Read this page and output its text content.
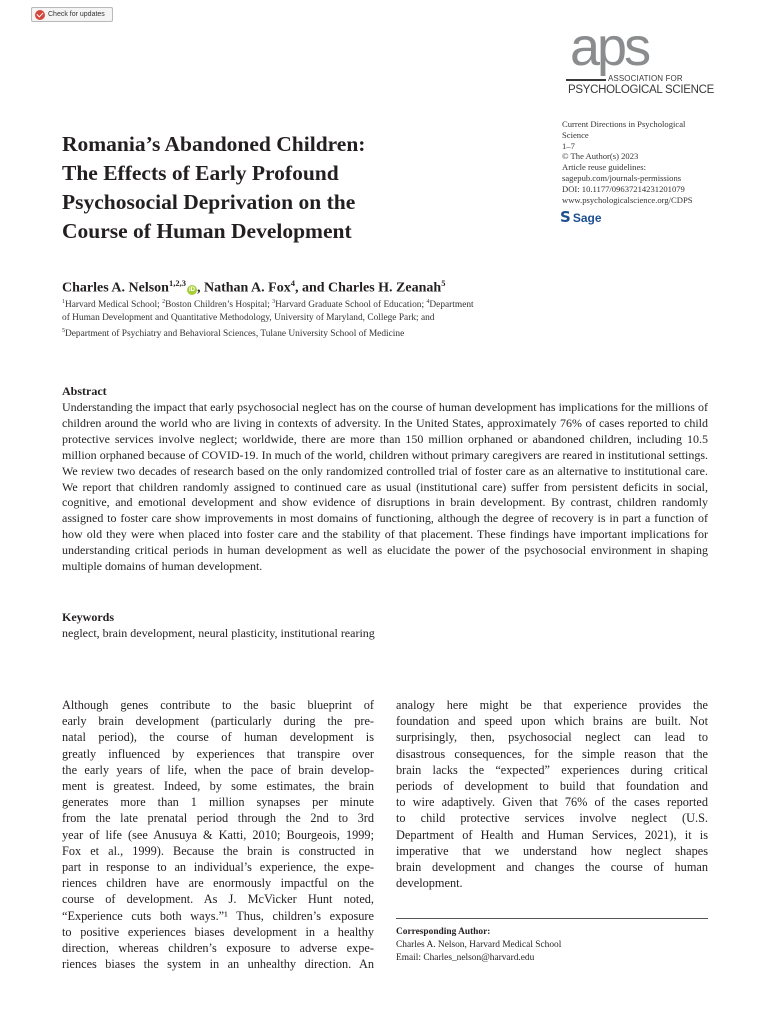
Check for updates
aps
ASSOCIATION FOR
PSYCHOLOGICAL SCIENCE
Romania’s Abandoned Children:
The Effects of Early Profound
Psychosocial Deprivation on the
Course of Human Development
Current Directions in Psychological
Science
1–7
© The Author(s) 2023
Article reuse guidelines:
sagepub.com/journals-permissions
DOI: 10.1177/09637214231201079
www.psychologicalscience.org/CDPS
S Sage
Charles A. Nelson$^{1,2,3}$iD , Nathan A. Fox$^4$, and Charles H. Zeanah$^5$
$^1$Harvard Medical School; $^2$Boston Children’s Hospital; $^3$Harvard Graduate School of Education; $^4$Department
of Human Development and Quantitative Methodology, University of Maryland, College Park; and
$^5$Department of Psychiatry and Behavioral Sciences, Tulane University School of Medicine
Abstract
Understanding the impact that early psychosocial neglect has on the course of human development has implications for the millions of children around the world who are living in contexts of adversity. In the United States, approximately 76% of cases reported to child protective services involve neglect; worldwide, there are more than 150 million orphaned or abandoned children, including 10.5 million orphaned because of COVID-19. In much of the world, children without primary caregivers are reared in institutional settings. We review two decades of research based on the only randomized controlled trial of foster care as an alternative to institutional care. We report that children randomly assigned to continued care as usual (institutional care) suffer from persistent deficits in social, cognitive, and emotional development and show evidence of disruptions in brain development. By contrast, children randomly assigned to foster care show improvements in most domains of functioning, although the degree of recovery is in part a function of how old they were when placed into foster care and the stability of that placement. These findings have important implications for understanding critical periods in human development as well as elucidate the power of the psychosocial environment in shaping multiple domains of human development.
Keywords
neglect, brain development, neural plasticity, institutional rearing
Although genes contribute to the basic blueprint of
early brain development (particularly during the pre-
natal period), the course of human development is
greatly influenced by experiences that transpire over
the early years of life, when the pace of brain develop-
ment is greatest. Indeed, by some estimates, the brain
generates more than 1 million synapses per minute
from the late prenatal period through the 2nd to 3rd
year of life (see Anusuya & Katti, 2010; Bourgeois, 1999;
Fox et al., 1999). Because the brain is constructed in
part in response to an individual’s experience, the expe-
riences children have are enormously impactful on the
course of development. As J. McVicker Hunt noted,
“Experience cuts both ways.”¹ Thus, children’s exposure
to positive experiences biases development in a healthy
direction, whereas children’s exposure to adverse expe-
riences biases the system in an unhealthy direction. An
analogy here might be that experience provides the
foundation and speed upon which brains are built. Not
surprisingly, then, psychosocial neglect can lead to
disastrous consequences, for the simple reason that the
brain lacks the “expected” experiences during critical
periods of development to build that foundation and
to wire adaptively. Given that 76% of the cases reported
to child protective services involve neglect (U.S.
Department of Health and Human Services, 2021), it is
imperative that we understand how neglect shapes
brain development and changes the course of human
development.
Corresponding Author:
Charles A. Nelson, Harvard Medical School
Email: Charles_nelson@harvard.edu
